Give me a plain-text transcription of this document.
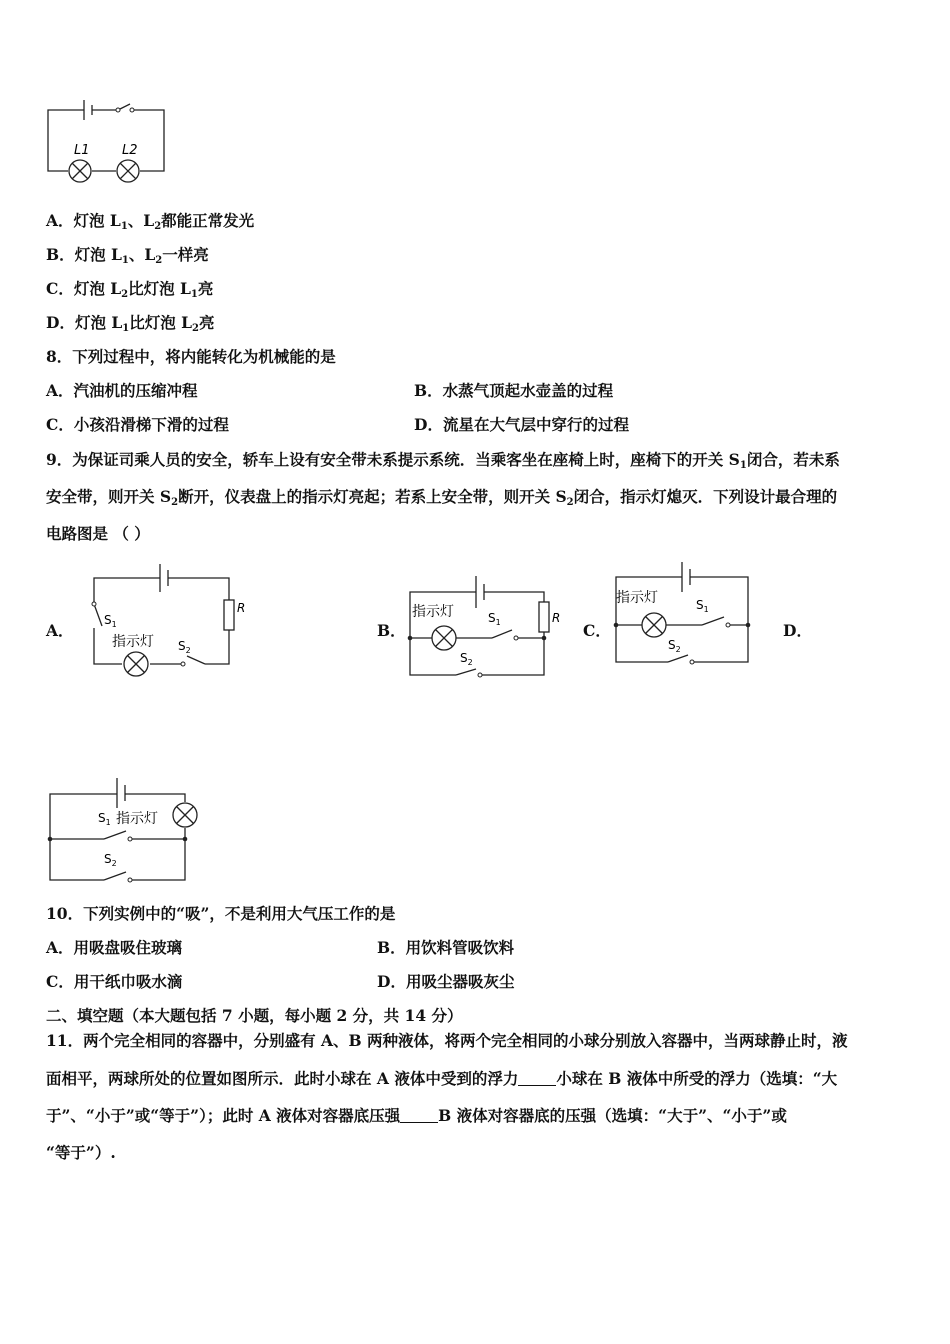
L1 L2
A．灯泡 $L_1$、$L_2$都能正常发光
B．灯泡 $L_1$、$L_2$一样亮
C．灯泡 $L_2$比灯泡 $L_1$亮
D．灯泡 $L_1$比灯泡 $L_2$亮
8．下列过程中，将内能转化为机械能的是
A．汽油机的压缩冲程	B．水蒸气顶起水壶盖的过程
C．小孩沿滑梯下滑的过程	D．流星在大气层中穿行的过程
9．为保证司乘人员的安全，轿车上设有安全带未系提示系统．当乘客坐在座椅上时，座椅下的开关 $S_1$闭合，若未系
安全带，则开关 $S_2$断开，仪表盘上的指示灯亮起；若系上安全带，则开关 $S_2$闭合，指示灯熄灭．下列设计最合理的
电路图是 （ ）
A．	B．	C．	D．
$S_1$
指示灯 $S_2$
R	指示灯	$S_1$
$S_2$
R
指示灯	$S_1$
$S_2$
$S_1$ 指示灯
$S_2$
10．下列实例中的“吸”，不是利用大气压工作的是
A．用吸盘吸住玻璃	B．用饮料管吸饮料
C．用干纸巾吸水滴	D．用吸尘器吸灰尘
二、填空题（本大题包括 7 小题，每小题 2 分，共 14 分）
11．两个完全相同的容器中，分别盛有 A、B 两种液体，将两个完全相同的小球分别放入容器中，当两球静止时，液
面相平，两球所处的位置如图所示．此时小球在 A 液体中受到的浮力 小球在 B 液体中所受的浮力（选填：“大
于”、“小于”或“等于”）；此时 A 液体对容器底压强 B 液体对容器底的压强（选填：“大于”、“小于”或
“等于”）.
